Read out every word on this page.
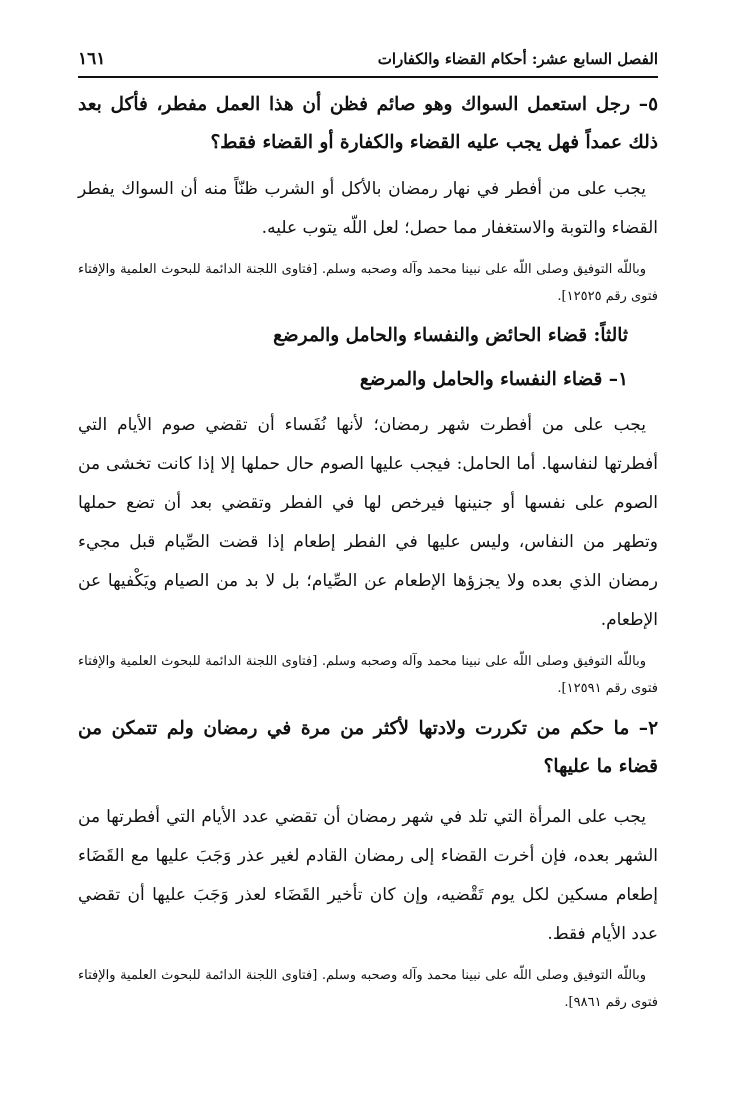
الفصل السابع عشر: أحكام القضاء والكفارات
١٦١

٥– رجل استعمل السواك وهو صائم فظن أن هذا العمل مفطر، فأكل بعد ذلك عمداً فهل يجب عليه القضاء والكفارة أو القضاء فقط؟

يجب على من أفطر في نهار رمضان بالأكل أو الشرب ظنّاً منه أن السواك يفطر القضاء والتوبة والاستغفار مما حصل؛ لعل اللّه يتوب عليه.

وباللّه التوفيق وصلى اللّه على نبينا محمد وآله وصحبه وسلم. [فتاوى اللجنة الدائمة للبحوث العلمية والإفتاء فتوى رقم ١٢٥٢٥].

ثالثاً: قضاء الحائض والنفساء والحامل والمرضع

١– قضاء النفساء والحامل والمرضع

يجب على من أفطرت شهر رمضان؛ لأنها نُفَساء أن تقضي صوم الأيام التي أفطرتها لنفاسها. أما الحامل: فيجب عليها الصوم حال حملها إلا إذا كانت تخشى من الصوم على نفسها أو جنينها فيرخص لها في الفطر وتقضي بعد أن تضع حملها وتطهر من النفاس، وليس عليها في الفطر إطعام إذا قضت الصِّيام قبل مجيء رمضان الذي بعده ولا يجزؤها الإطعام عن الصِّيام؛ بل لا بد من الصيام ويَكْفيها عن الإطعام.

وباللّه التوفيق وصلى اللّه على نبينا محمد وآله وصحبه وسلم. [فتاوى اللجنة الدائمة للبحوث العلمية والإفتاء فتوى رقم ١٢٥٩١].

٢– ما حكم من تكررت ولادتها لأكثر من مرة في رمضان ولم تتمكن من قضاء ما عليها؟

يجب على المرأة التي تلد في شهر رمضان أن تقضي عدد الأيام التي أفطرتها من الشهر بعده، فإن أخرت القضاء إلى رمضان القادم لغير عذر وَجَبَ عليها مع القَضَاء إطعام مسكين لكل يوم تَقْضيه، وإن كان تأخير القَضَاء لعذر وَجَبَ عليها أن تقضي عدد الأيام فقط.

وباللّه التوفيق وصلى اللّه على نبينا محمد وآله وصحبه وسلم. [فتاوى اللجنة الدائمة للبحوث العلمية والإفتاء فتوى رقم ٩٨٦١].
